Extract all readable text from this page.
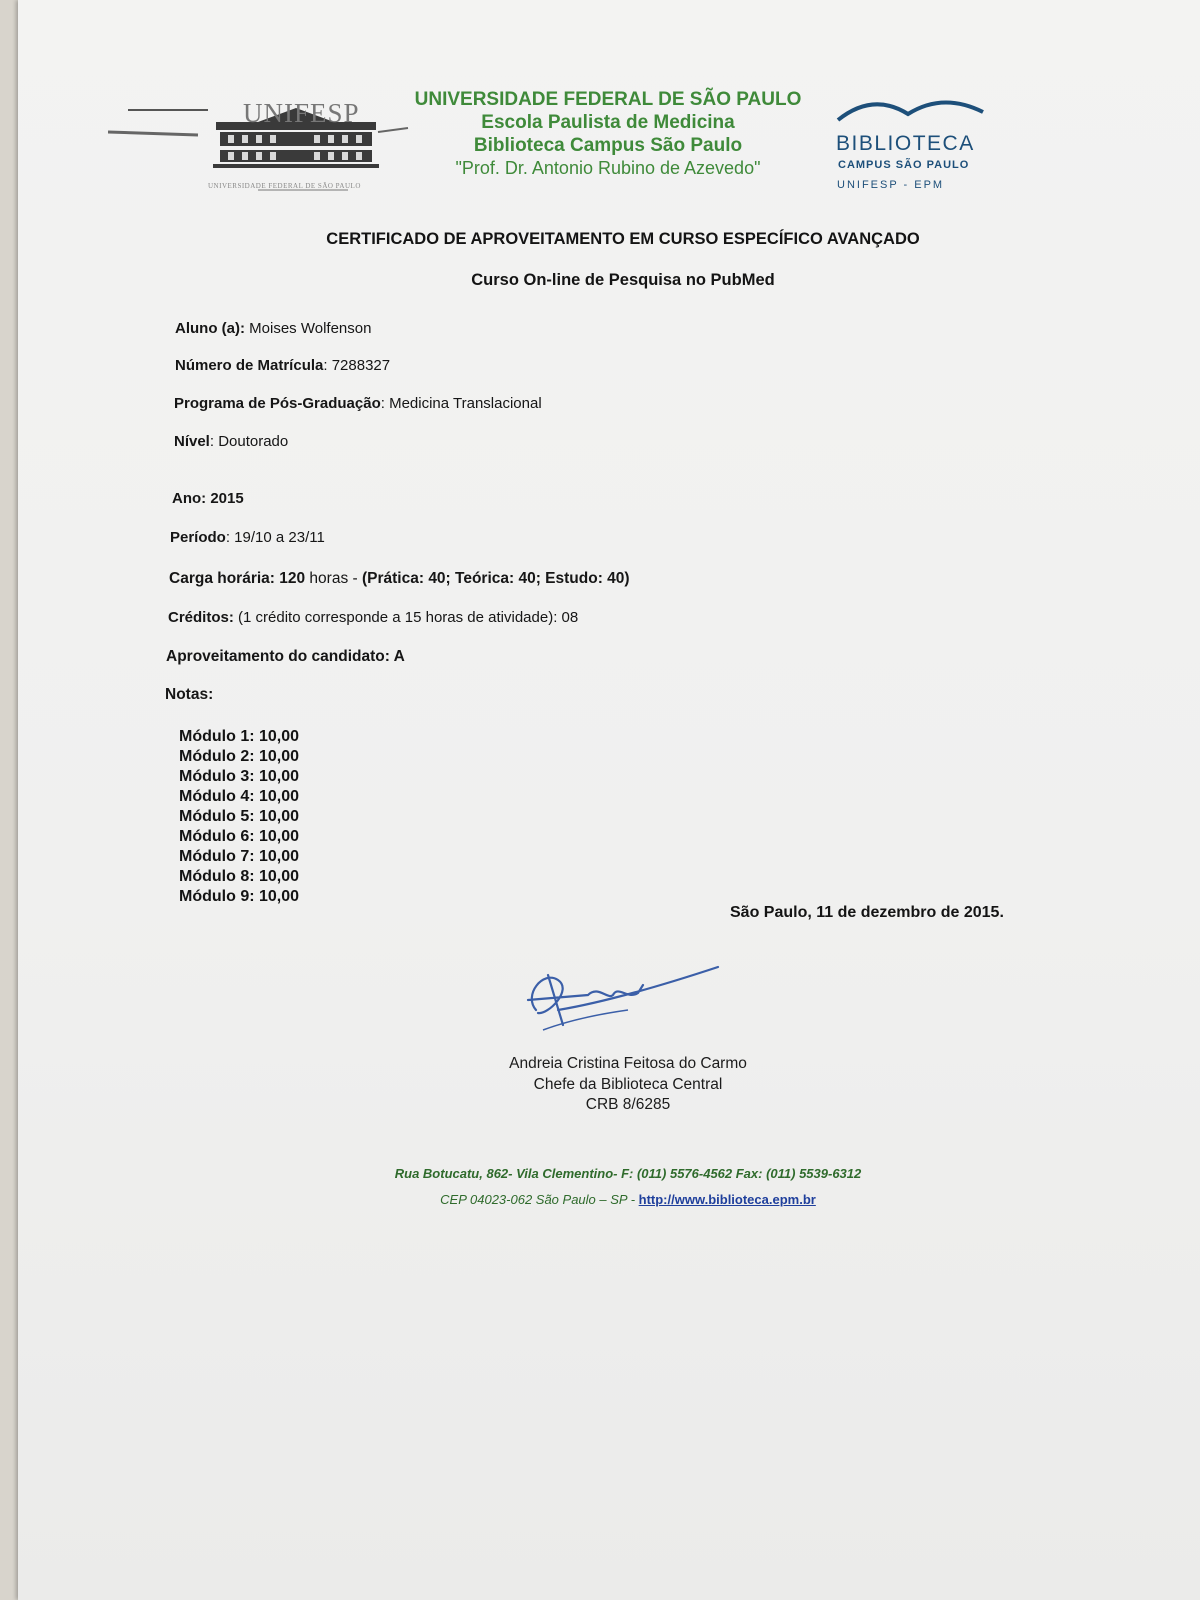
UNIFESP
UNIVERSIDADE FEDERAL DE SÃO PAULO
UNIVERSIDADE FEDERAL DE SÃO PAULO
Escola Paulista de Medicina
Biblioteca Campus São Paulo
"Prof. Dr. Antonio Rubino de Azevedo"
BIBLIOTECA
CAMPUS SÃO PAULO
UNIFESP - EPM
CERTIFICADO DE APROVEITAMENTO EM CURSO ESPECÍFICO AVANÇADO
Curso On-line de Pesquisa no PubMed
Aluno (a): Moises Wolfenson
Número de Matrícula: 7288327
Programa de Pós-Graduação: Medicina Translacional
Nível: Doutorado
Ano: 2015
Período: 19/10 a 23/11
Carga horária: 120 horas - (Prática: 40; Teórica: 40; Estudo: 40)
Créditos: (1 crédito corresponde a 15 horas de atividade): 08
Aproveitamento do candidato: A
Notas:
Módulo 1: 10,00
Módulo 2: 10,00
Módulo 3: 10,00
Módulo 4: 10,00
Módulo 5: 10,00
Módulo 6: 10,00
Módulo 7: 10,00
Módulo 8: 10,00
Módulo 9: 10,00
São Paulo, 11 de dezembro de 2015.
Andreia Cristina Feitosa do Carmo
Chefe da Biblioteca Central
CRB 8/6285
Rua Botucatu, 862- Vila Clementino- F: (011) 5576-4562 Fax: (011) 5539-6312
CEP 04023-062 São Paulo – SP - http://www.biblioteca.epm.br
